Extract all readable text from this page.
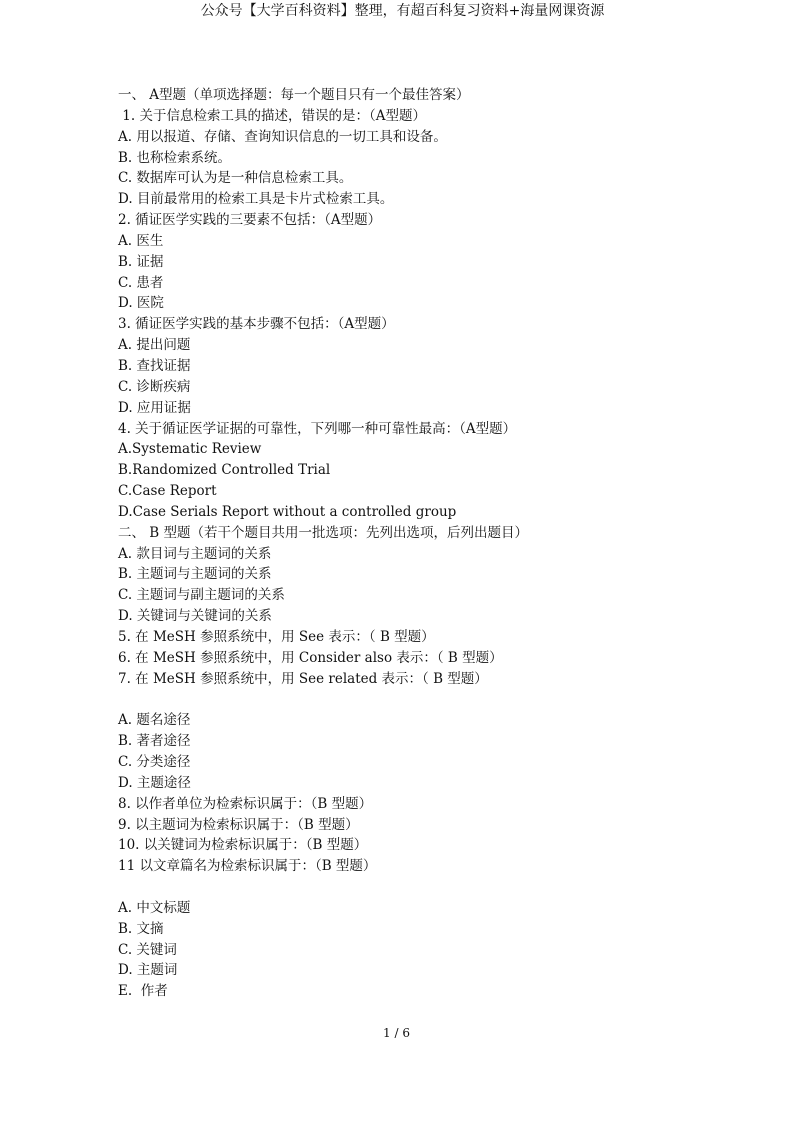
公众号【大学百科资料】整理，有超百科复习资料+海量网课资源
一、 A型题（单项选择题：每一个题目只有一个最佳答案）
1. 关于信息检索工具的描述，错误的是：（A型题）
A. 用以报道、存储、查询知识信息的一切工具和设备。
B. 也称检索系统。
C. 数据库可认为是一种信息检索工具。
D. 目前最常用的检索工具是卡片式检索工具。
2. 循证医学实践的三要素不包括：（A型题）
A. 医生
B. 证据
C. 患者
D. 医院
3. 循证医学实践的基本步骤不包括：（A型题）
A. 提出问题
B. 查找证据
C. 诊断疾病
D. 应用证据
4. 关于循证医学证据的可靠性，下列哪一种可靠性最高：（A型题）
A.Systematic Review
B.Randomized Controlled Trial
C.Case Report
D.Case Serials Report without a controlled group
二、 B 型题（若干个题目共用一批选项：先列出选项，后列出题目）
A. 款目词与主题词的关系
B. 主题词与主题词的关系
C. 主题词与副主题词的关系
D. 关键词与关键词的关系
5. 在 MeSH 参照系统中，用 See 表示：（ B 型题）
6. 在 MeSH 参照系统中，用 Consider also 表示：（ B 型题）
7. 在 MeSH 参照系统中，用 See related 表示：（ B 型题）
A. 题名途径
B. 著者途径
C. 分类途径
D. 主题途径
8. 以作者单位为检索标识属于：（B 型题）
9. 以主题词为检索标识属于：（B 型题）
10. 以关键词为检索标识属于：（B 型题）
11 以文章篇名为检索标识属于：（B 型题）
A. 中文标题
B. 文摘
C. 关键词
D. 主题词
E.  作者
1 / 6
